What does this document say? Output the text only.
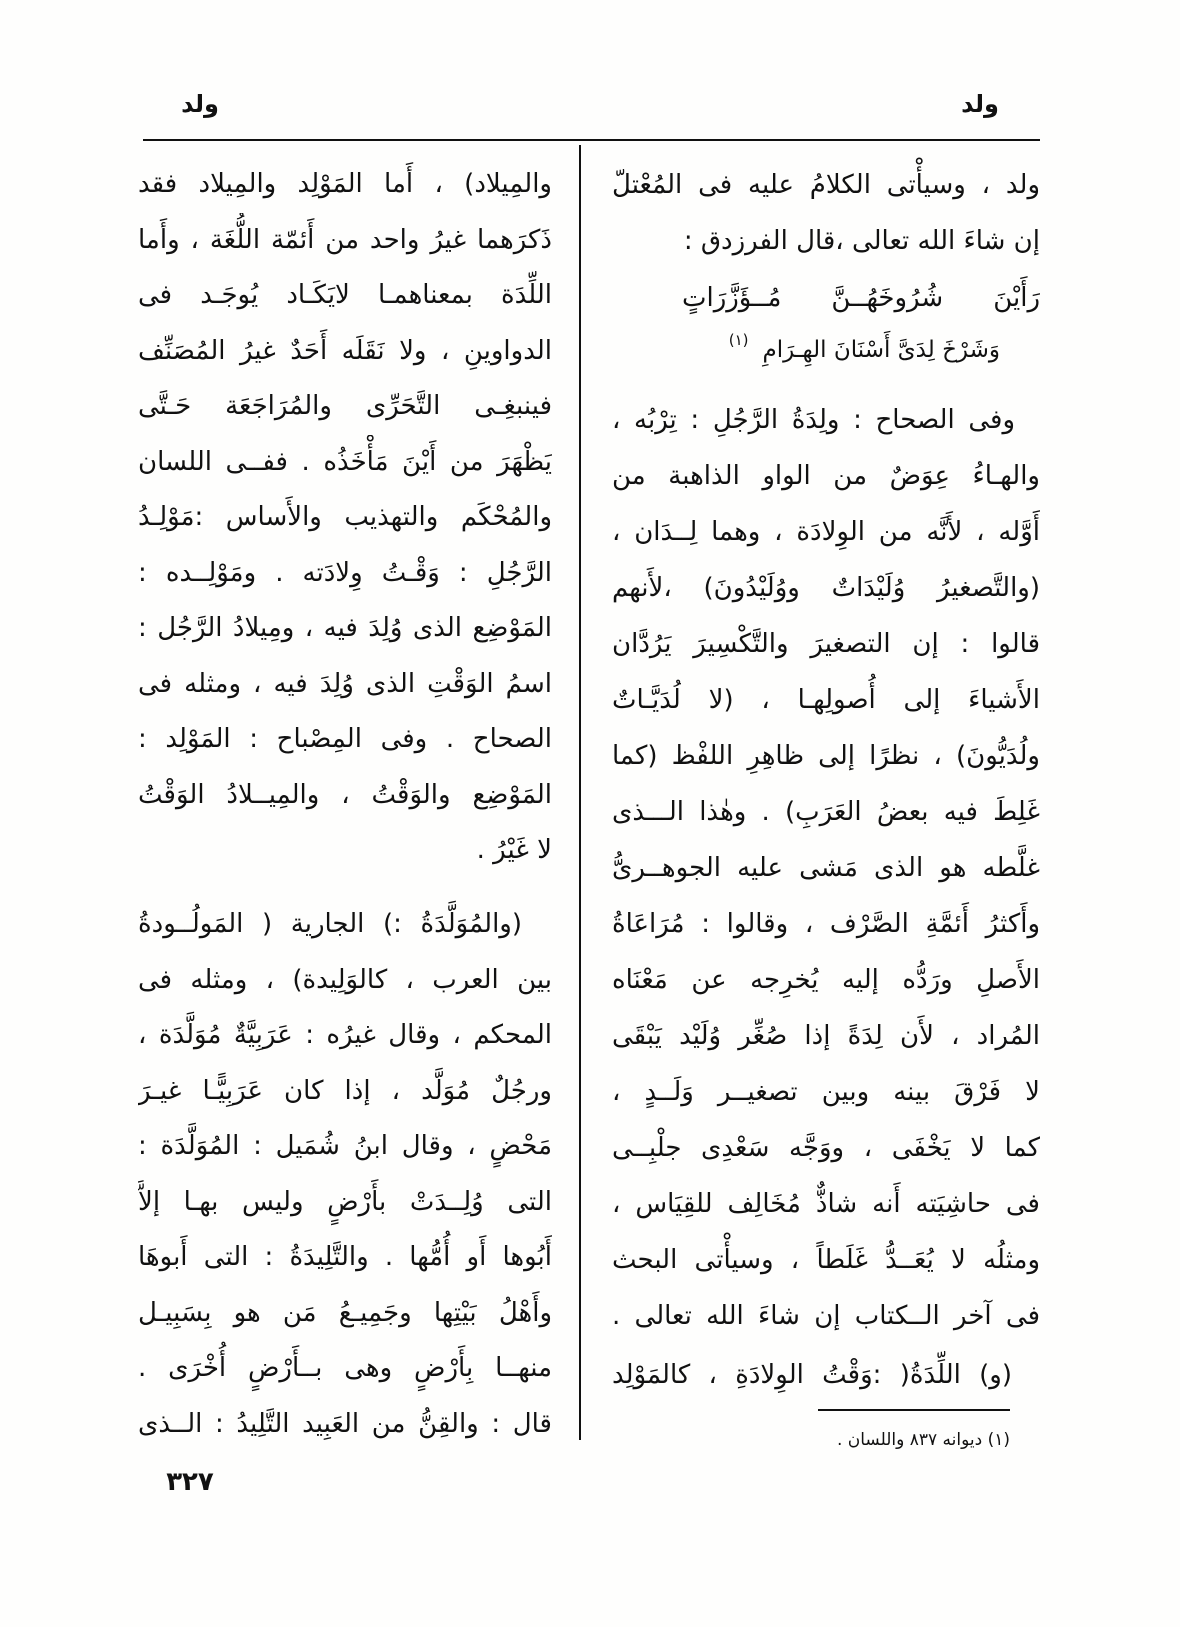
ولد	ولد
ولد ، وسيأْتى الكلامُ عليه فى المُعْتلّ
إن شاءَ الله تعالى ،قال الفرزدق :
رَأَيْنَ شُرُوخَهُــنَّ مُــؤَزَّرَاتٍ
وَشَرْخَ لِدَىَّ أَسْنَانَ الهِـرَامِ$^{(١)}$
وفى الصحاح : ولِدَةُ الرَّجُلِ : تِرْبُه ،
والهـاءُ عِوَضٌ من الواو الذاهبة من
أَوَّله ، لأَنَّه من الوِلادَة ، وهما لِــدَان ،
(والتَّصغيرُ وُلَيْدَاتٌ ووُلَيْدُونَ) ،لأَنهم
قالوا : إن التصغيرَ والتَّكْسِيرَ يَرُدَّان
الأَشياءَ إلى أُصولِهـا ، (لا لُدَيَّـاتٌ
ولُدَيُّونَ) ، نظرًا إلى ظاهِرِ اللفْظ (كما
غَلِطَ فيه بعضُ العَرَبِ) . وهٰذا الـــذى
غلَّطه هو الذى مَشى عليه الجوهــرىُّ
وأَكثرُ أَئمَّةِ الصَّرْف ، وقالوا : مُرَاعَاةُ
الأَصلِ ورَدُّه إليه يُخرِجه عن مَعْنَاه
المُراد ، لأَن لِدَةً إذا صُغِّر وُلَيْد يَبْقَى
لا فَرْقَ بينه وبين تصغيــر وَلَــدٍ ،
كما لا يَخْفَى ، ووَجَّه سَعْدِى جلْبِــى
فى حاشِيَته أَنه شاذٌّ مُخَالِف للقِيَاس ،
ومثلُه لا يُعَــدُّ غَلَطاً ، وسيأْتى البحث
فى آخر الــكتاب إن شاءَ الله تعالى .
(و) اللِّدَةُ( :وَقْتُ الوِلادَةِ ، كالمَوْلِد
والمِيلاد) ، أَما المَوْلِد والمِيلاد فقد
ذَكرَهما غيرُ واحد من أَئمّة اللُّغَة ، وأَما
اللِّدَة بمعناهمـا لايَكَـاد يُوجَـد فى
الدواوينِ ، ولا نَقَلَه أَحَدٌ غيرُ المُصَنِّف
فينبغِـى التَّحَرِّى والمُرَاجَعَة حَـتَّى
يَظْهَرَ من أَيْنَ مَأْخَذُه . ففــى اللسان
والمُحْكَم والتهذيب والأَساس :مَوْلِـدُ
الرَّجُلِ : وَقْـتُ وِلادَته . ومَوْلِــده :
المَوْضِع الذى وُلِدَ فيه ، ومِيلادُ الرَّجُل :
اسمُ الوَقْتِ الذى وُلِدَ فيه ، ومثله فى
الصحاح . وفى المِصْباح : المَوْلِد :
المَوْضِع والوَقْتُ ، والمِيــلادُ الوَقْتُ
لا غَيْرُ .
(والمُوَلَّدَةُ :) الجارية ( المَولُــودةُ
بين العرب ، كالوَلِيدة) ، ومثله فى
المحكم ، وقال غيرُه : عَرَبِيَّةٌ مُوَلَّدَة ،
ورجُلٌ مُوَلَّد ، إذا كان عَرَبِيًّـا غيـرَ
مَحْضٍ ، وقال ابنُ شُمَيل : المُوَلَّدَة :
التى وُلِــدَتْ بأَرْضٍ وليس بهـا إلاَّ
أَبُوها أَو أُمُّها . والتَّلِيدَةُ : التى أَبوهَا
وأَهْلُ بَيْتِها وجَمِيـعُ مَن هو بِسَبِيـل
منهــا بِأَرْضٍ وهى بــأَرْضٍ أُخْرَى .
قال : والقِنُّ من العَبِيد التَّلِيدُ : الــذى
(١) ديوانه ٨٣٧ واللسان .
٣٢٧
